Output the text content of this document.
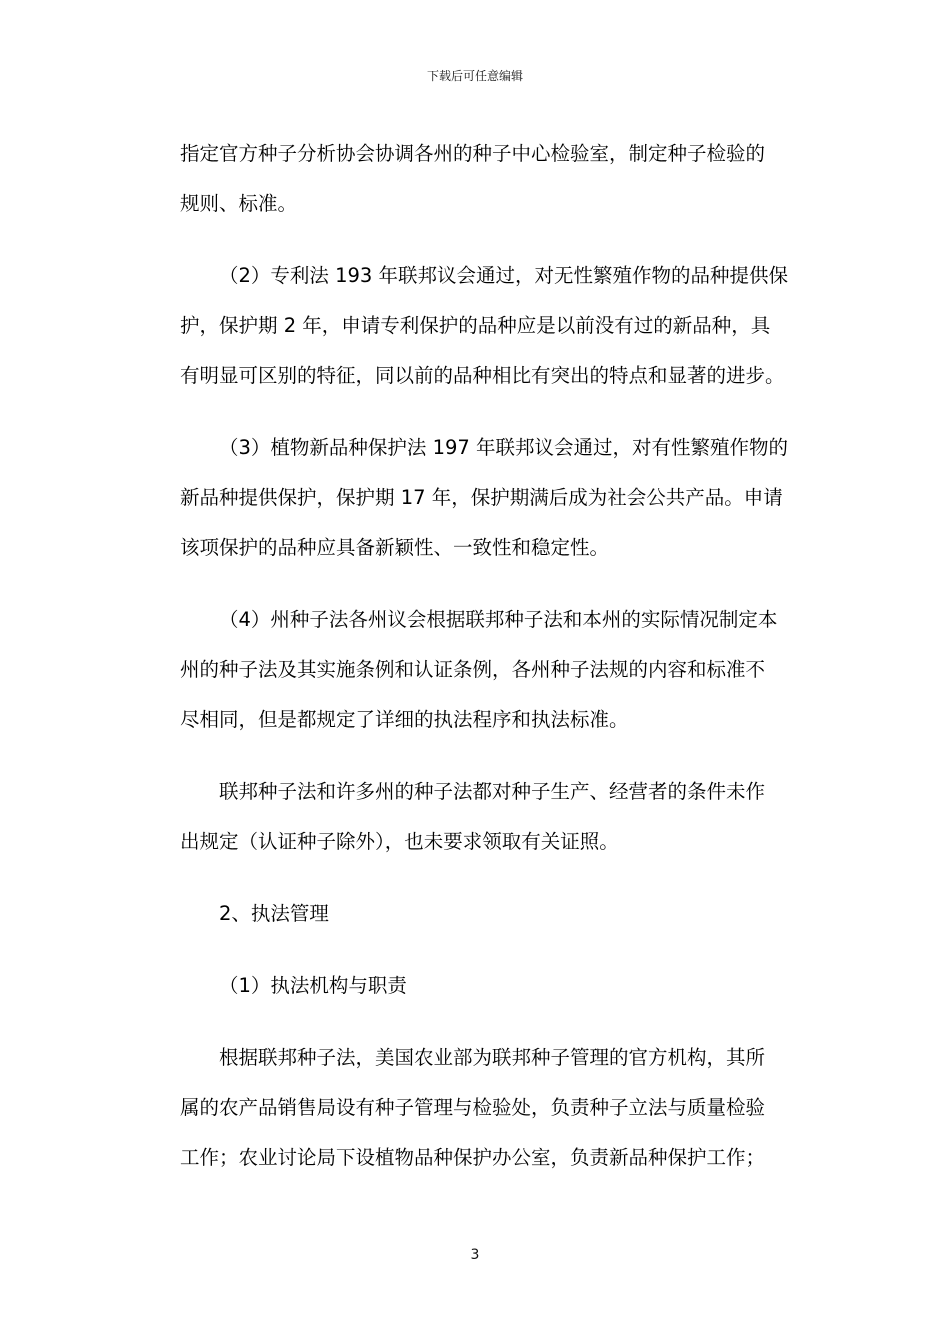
下载后可任意编辑
指定官方种子分析协会协调各州的种子中心检验室，制定种子检验的
规则、标准。
（2）专利法 193 年联邦议会通过，对无性繁殖作物的品种提供保
护，保护期 2 年，申请专利保护的品种应是以前没有过的新品种，具
有明显可区别的特征，同以前的品种相比有突出的特点和显著的进步。
（3）植物新品种保护法 197 年联邦议会通过，对有性繁殖作物的
新品种提供保护，保护期 17 年，保护期满后成为社会公共产品。申请
该项保护的品种应具备新颖性、一致性和稳定性。
（4）州种子法各州议会根据联邦种子法和本州的实际情况制定本
州的种子法及其实施条例和认证条例，各州种子法规的内容和标准不
尽相同，但是都规定了详细的执法程序和执法标准。
联邦种子法和许多州的种子法都对种子生产、经营者的条件未作
出规定（认证种子除外），也未要求领取有关证照。
2、执法管理
（1）执法机构与职责
根据联邦种子法，美国农业部为联邦种子管理的官方机构，其所
属的农产品销售局设有种子管理与检验处，负责种子立法与质量检验
工作；农业讨论局下设植物品种保护办公室，负责新品种保护工作；
3
